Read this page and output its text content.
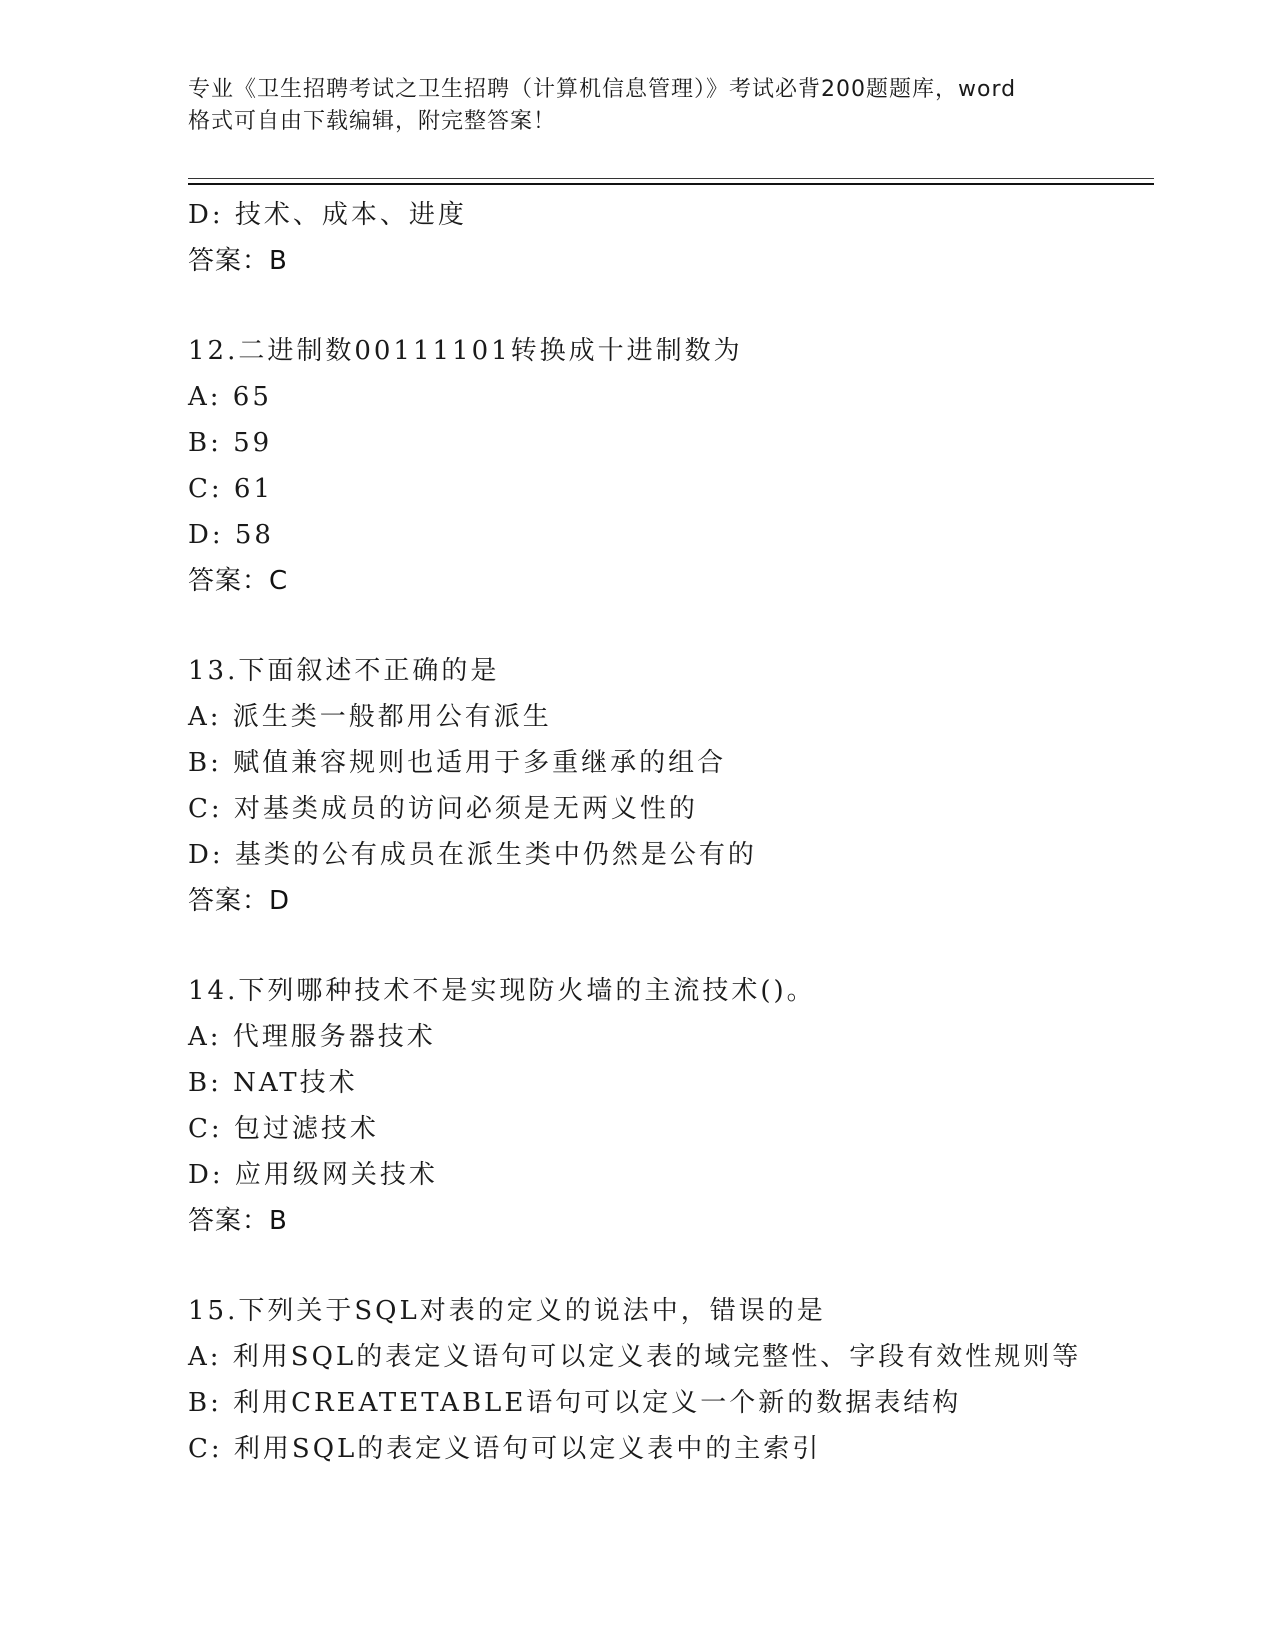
专业《卫生招聘考试之卫生招聘（计算机信息管理）》考试必背200题题库，word

格式可自由下载编辑，附完整答案！

D: 技术、成本、进度
答案：B
12.二进制数00111101转换成十进制数为
A: 65
B: 59
C: 61
D: 58
答案：C
13.下面叙述不正确的是
A: 派生类一般都用公有派生
B: 赋值兼容规则也适用于多重继承的组合
C: 对基类成员的访问必须是无两义性的
D: 基类的公有成员在派生类中仍然是公有的
答案：D
14.下列哪种技术不是实现防火墙的主流技术()。
A: 代理服务器技术
B: NAT技术
C: 包过滤技术
D: 应用级网关技术
答案：B
15.下列关于SQL对表的定义的说法中，错误的是
A: 利用SQL的表定义语句可以定义表的域完整性、字段有效性规则等
B: 利用CREATETABLE语句可以定义一个新的数据表结构
C: 利用SQL的表定义语句可以定义表中的主索引
